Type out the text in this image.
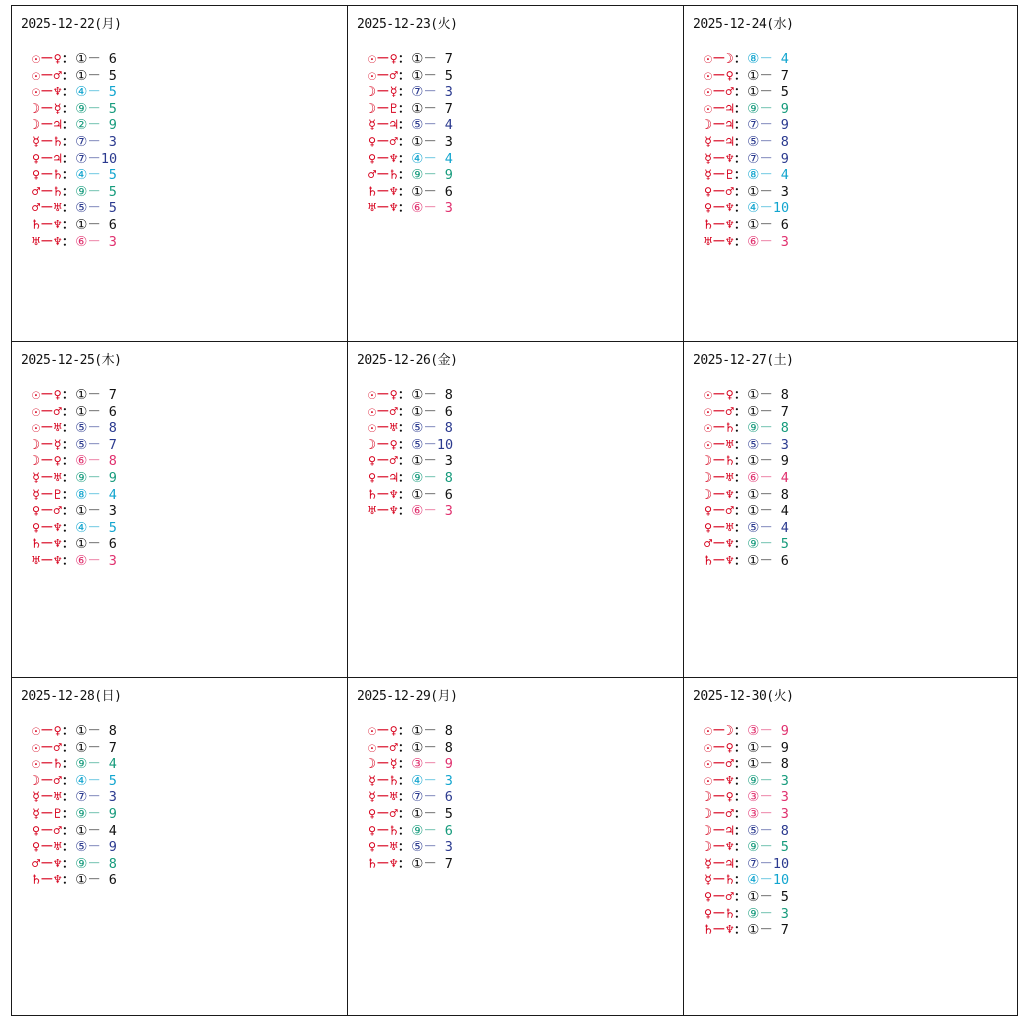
2025-12-22(月)
☉－♀：①－ 6
☉－♂：①－ 5
☉－♆：④－ 5
☽－☿：⑨－ 5
☽－♃：②－ 9
☿－♄：⑦－ 3
♀－♃：⑦－10
♀－♄：④－ 5
♂－♄：⑨－ 5
♂－♅：⑤－ 5
♄－♆：①－ 6
♅－♆：⑥－ 3
2025-12-23(火)
☉－♀：①－ 7
☉－♂：①－ 5
☽－☿：⑦－ 3
☽－♇：①－ 7
☿－♃：⑤－ 4
♀－♂：①－ 3
♀－♆：④－ 4
♂－♄：⑨－ 9
♄－♆：①－ 6
♅－♆：⑥－ 3
2025-12-24(水)
☉－☽：⑧－ 4
☉－♀：①－ 7
☉－♂：①－ 5
☉－♃：⑨－ 9
☽－♃：⑦－ 9
☿－♃：⑤－ 8
☿－♆：⑦－ 9
☿－♇：⑧－ 4
♀－♂：①－ 3
♀－♆：④－10
♄－♆：①－ 6
♅－♆：⑥－ 3
2025-12-25(木)
☉－♀：①－ 7
☉－♂：①－ 6
☉－♅：⑤－ 8
☽－☿：⑤－ 7
☽－♀：⑥－ 8
☿－♅：⑨－ 9
☿－♇：⑧－ 4
♀－♂：①－ 3
♀－♆：④－ 5
♄－♆：①－ 6
♅－♆：⑥－ 3
2025-12-26(金)
☉－♀：①－ 8
☉－♂：①－ 6
☉－♅：⑤－ 8
☽－♀：⑤－10
♀－♂：①－ 3
♀－♃：⑨－ 8
♄－♆：①－ 6
♅－♆：⑥－ 3
2025-12-27(土)
☉－♀：①－ 8
☉－♂：①－ 7
☉－♄：⑨－ 8
☉－♅：⑤－ 3
☽－♄：①－ 9
☽－♅：⑥－ 4
☽－♆：①－ 8
♀－♂：①－ 4
♀－♅：⑤－ 4
♂－♆：⑨－ 5
♄－♆：①－ 6
2025-12-28(日)
☉－♀：①－ 8
☉－♂：①－ 7
☉－♄：⑨－ 4
☽－♂：④－ 5
☿－♅：⑦－ 3
☿－♇：⑨－ 9
♀－♂：①－ 4
♀－♅：⑤－ 9
♂－♆：⑨－ 8
♄－♆：①－ 6
2025-12-29(月)
☉－♀：①－ 8
☉－♂：①－ 8
☽－☿：③－ 9
☿－♄：④－ 3
☿－♅：⑦－ 6
♀－♂：①－ 5
♀－♄：⑨－ 6
♀－♅：⑤－ 3
♄－♆：①－ 7
2025-12-30(火)
☉－☽：③－ 9
☉－♀：①－ 9
☉－♂：①－ 8
☉－♆：⑨－ 3
☽－♀：③－ 3
☽－♂：③－ 3
☽－♃：⑤－ 8
☽－♆：⑨－ 5
☿－♃：⑦－10
☿－♄：④－10
♀－♂：①－ 5
♀－♄：⑨－ 3
♄－♆：①－ 7
